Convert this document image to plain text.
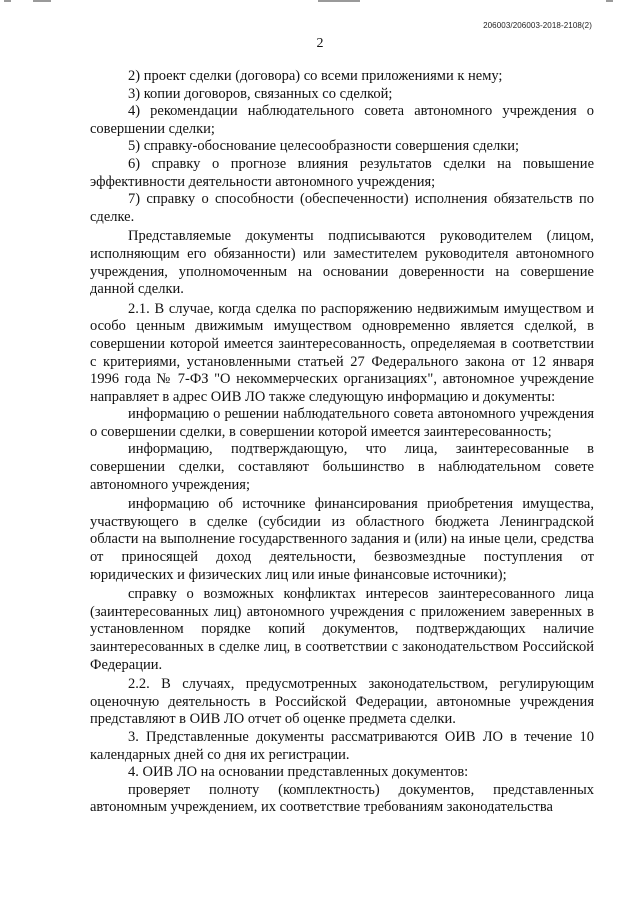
206003/206003-2018-2108(2)
2

2) проект сделки (договора) со всеми приложениями к нему;

3) копии договоров, связанных со сделкой;

4) рекомендации наблюдательного совета автономного учреждения о совершении сделки;

5) справку-обоснование целесообразности совершения сделки;

6) справку о прогнозе влияния результатов сделки на повышение эффективности деятельности автономного учреждения;

7) справку о способности (обеспеченности) исполнения обязательств по сделке.

Представляемые документы подписываются руководителем (лицом, исполняющим его обязанности) или заместителем руководителя автономного учреждения, уполномоченным на основании доверенности на совершение данной сделки.

2.1. В случае, когда сделка по распоряжению недвижимым имуществом и особо ценным движимым имуществом одновременно является сделкой, в совершении которой имеется заинтересованность, определяемая в соответствии с критериями, установленными статьей 27 Федерального закона от 12 января 1996 года № 7-ФЗ "О некоммерческих организациях", автономное учреждение направляет в адрес ОИВ ЛО также следующую информацию и документы:

информацию о решении наблюдательного совета автономного учреждения о совершении сделки, в совершении которой имеется заинтересованность;

информацию, подтверждающую, что лица, заинтересованные в совершении сделки, составляют большинство в наблюдательном совете автономного учреждения;

информацию об источнике финансирования приобретения имущества, участвующего в сделке (субсидии из областного бюджета Ленинградской области на выполнение государственного задания и (или) на иные цели, средства от приносящей доход деятельности, безвозмездные поступления от юридических и физических лиц или иные финансовые источники);

справку о возможных конфликтах интересов заинтересованного лица (заинтересованных лиц) автономного учреждения с приложением заверенных в установленном порядке копий документов, подтверждающих наличие заинтересованных в сделке лиц, в соответствии с законодательством Российской Федерации.

2.2. В случаях, предусмотренных законодательством, регулирующим оценочную деятельность в Российской Федерации, автономные учреждения представляют в ОИВ ЛО отчет об оценке предмета сделки.

3. Представленные документы рассматриваются ОИВ ЛО в течение 10 календарных дней со дня их регистрации.

4. ОИВ ЛО на основании представленных документов:

проверяет полноту (комплектность) документов, представленных автономным учреждением, их соответствие требованиям законодательства
